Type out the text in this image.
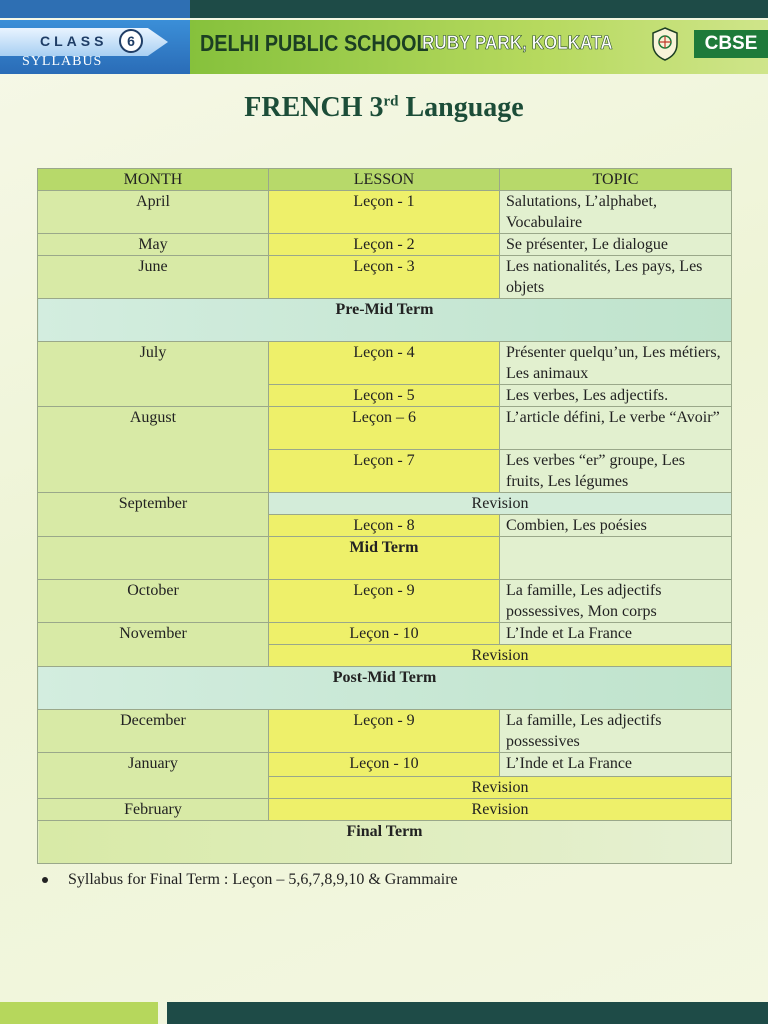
CLASS	6
SYLLABUS
DELHI PUBLIC SCHOOL
RUBY PARK, KOLKATA	CBSE
FRENCH 3rd Language
MONTH	LESSON	TOPIC
April	Leçon - 1	Salutations, L’alphabet, Vocabulaire
May	Leçon - 2	Se présenter, Le dialogue
June	Leçon - 3	Les nationalités, Les pays, Les objets
Pre-Mid Term		
July	Leçon - 4	Présenter quelqu’un, Les métiers, Les animaux
	Leçon - 5	Les verbes, Les adjectifs.
August	Leçon – 6	L’article défini, Le verbe “Avoir”
	Leçon - 7	Les verbes “er” groupe, Les fruits, Les légumes
September	Revision	
	Leçon - 8	Combien, Les poésies
	Mid Term	
October	Leçon - 9	La famille, Les adjectifs possessives, Mon corps
November	Leçon - 10	L’Inde et La France
	Revision	
Post-Mid Term		
December	Leçon - 9	La famille, Les adjectifs possessives
January	Leçon - 10	L’Inde et La France
	Revision	
February	Revision	
Final Term		
Syllabus for Final Term : Leçon – 5,6,7,8,9,10 & Grammaire
